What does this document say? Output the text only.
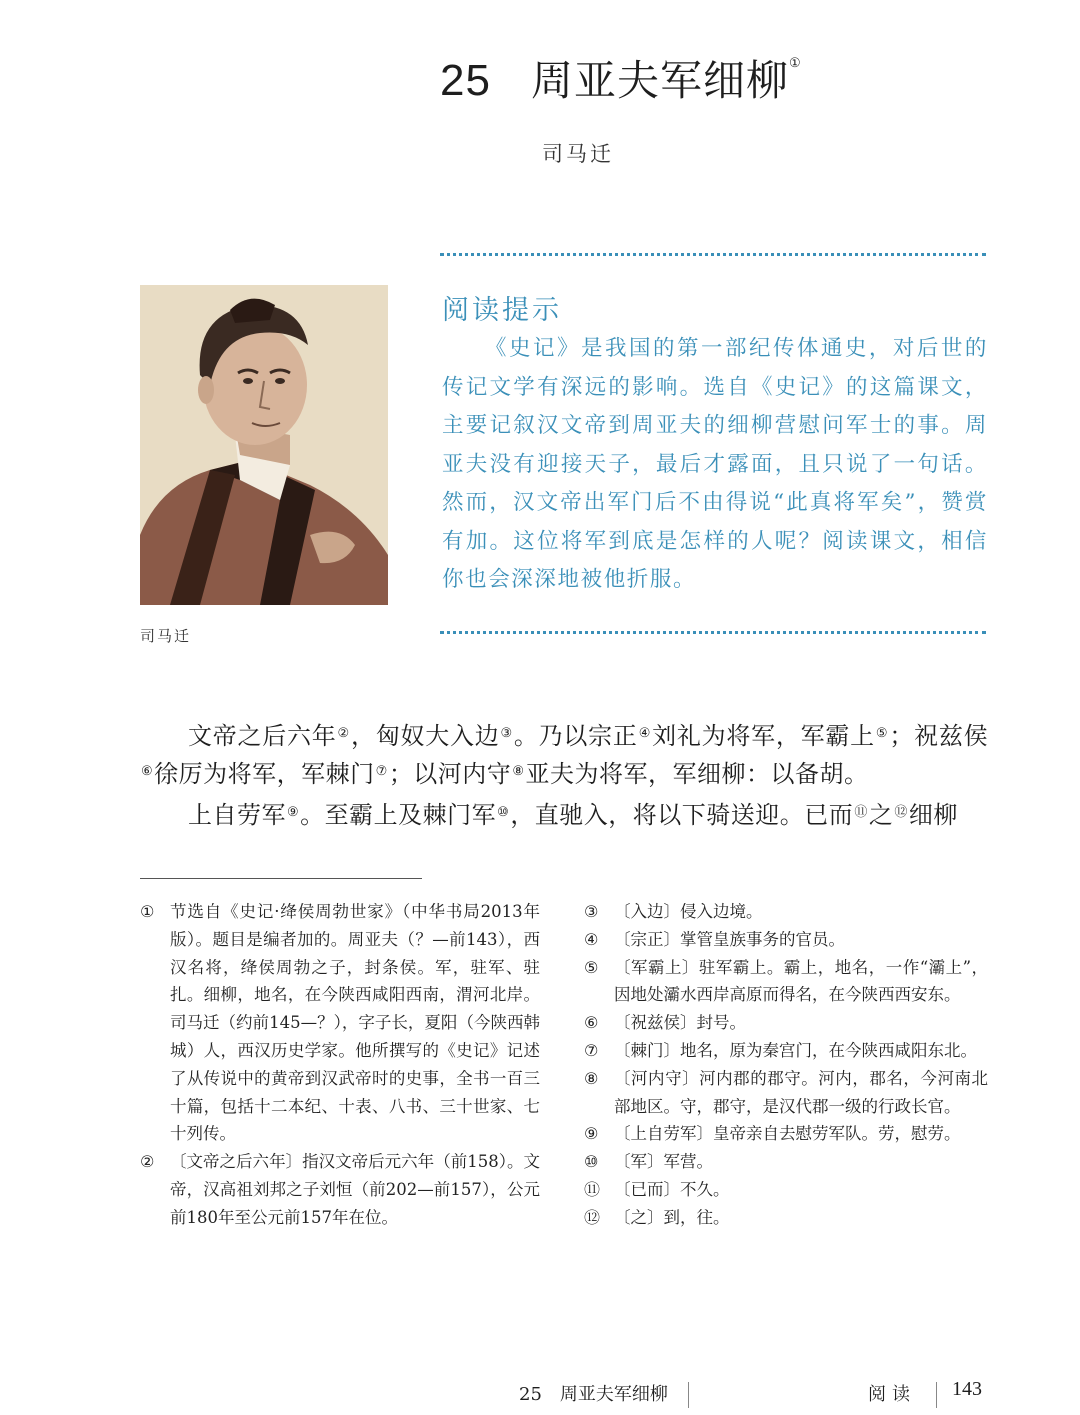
25 周亚夫军细柳①
司马迁
司马迁
阅读提示
《史记》是我国的第一部纪传体通史，对后世的传记文学有深远的影响。选自《史记》的这篇课文，主要记叙汉文帝到周亚夫的细柳营慰问军士的事。周亚夫没有迎接天子，最后才露面，且只说了一句话。然而，汉文帝出军门后不由得说“此真将军矣”，赞赏有加。这位将军到底是怎样的人呢？阅读课文，相信你也会深深地被他折服。
文帝之后六年②，匈奴大入边③。乃以宗正④刘礼为将军，军霸上⑤；祝兹侯⑥徐厉为将军，军棘门⑦；以河内守⑧亚夫为将军，军细柳：以备胡。
上自劳军⑨。至霸上及棘门军⑩，直驰入，将以下骑送迎。已而⑪之⑫细柳
① 节选自《史记·绛侯周勃世家》（中华书局2013年版）。题目是编者加的。周亚夫（？—前143），西汉名将，绛侯周勃之子，封条侯。军，驻军、驻扎。细柳，地名，在今陕西咸阳西南，渭河北岸。司马迁（约前145—？），字子长，夏阳（今陕西韩城）人，西汉历史学家。他所撰写的《史记》记述了从传说中的黄帝到汉武帝时的史事，全书一百三十篇，包括十二本纪、十表、八书、三十世家、七十列传。
② 〔文帝之后六年〕指汉文帝后元六年（前158）。文帝，汉高祖刘邦之子刘恒（前202—前157），公元前180年至公元前157年在位。
③ 〔入边〕侵入边境。
④ 〔宗正〕掌管皇族事务的官员。
⑤ 〔军霸上〕驻军霸上。霸上，地名，一作“灞上”，因地处灞水西岸高原而得名，在今陕西西安东。
⑥ 〔祝兹侯〕封号。
⑦ 〔棘门〕地名，原为秦宫门，在今陕西咸阳东北。
⑧ 〔河内守〕河内郡的郡守。河内，郡名，今河南北部地区。守，郡守，是汉代郡一级的行政长官。
⑨ 〔上自劳军〕皇帝亲自去慰劳军队。劳，慰劳。
⑩ 〔军〕军营。
⑪ 〔已而〕不久。
⑫ 〔之〕到，往。
25　周亚夫军细柳	阅读 143
